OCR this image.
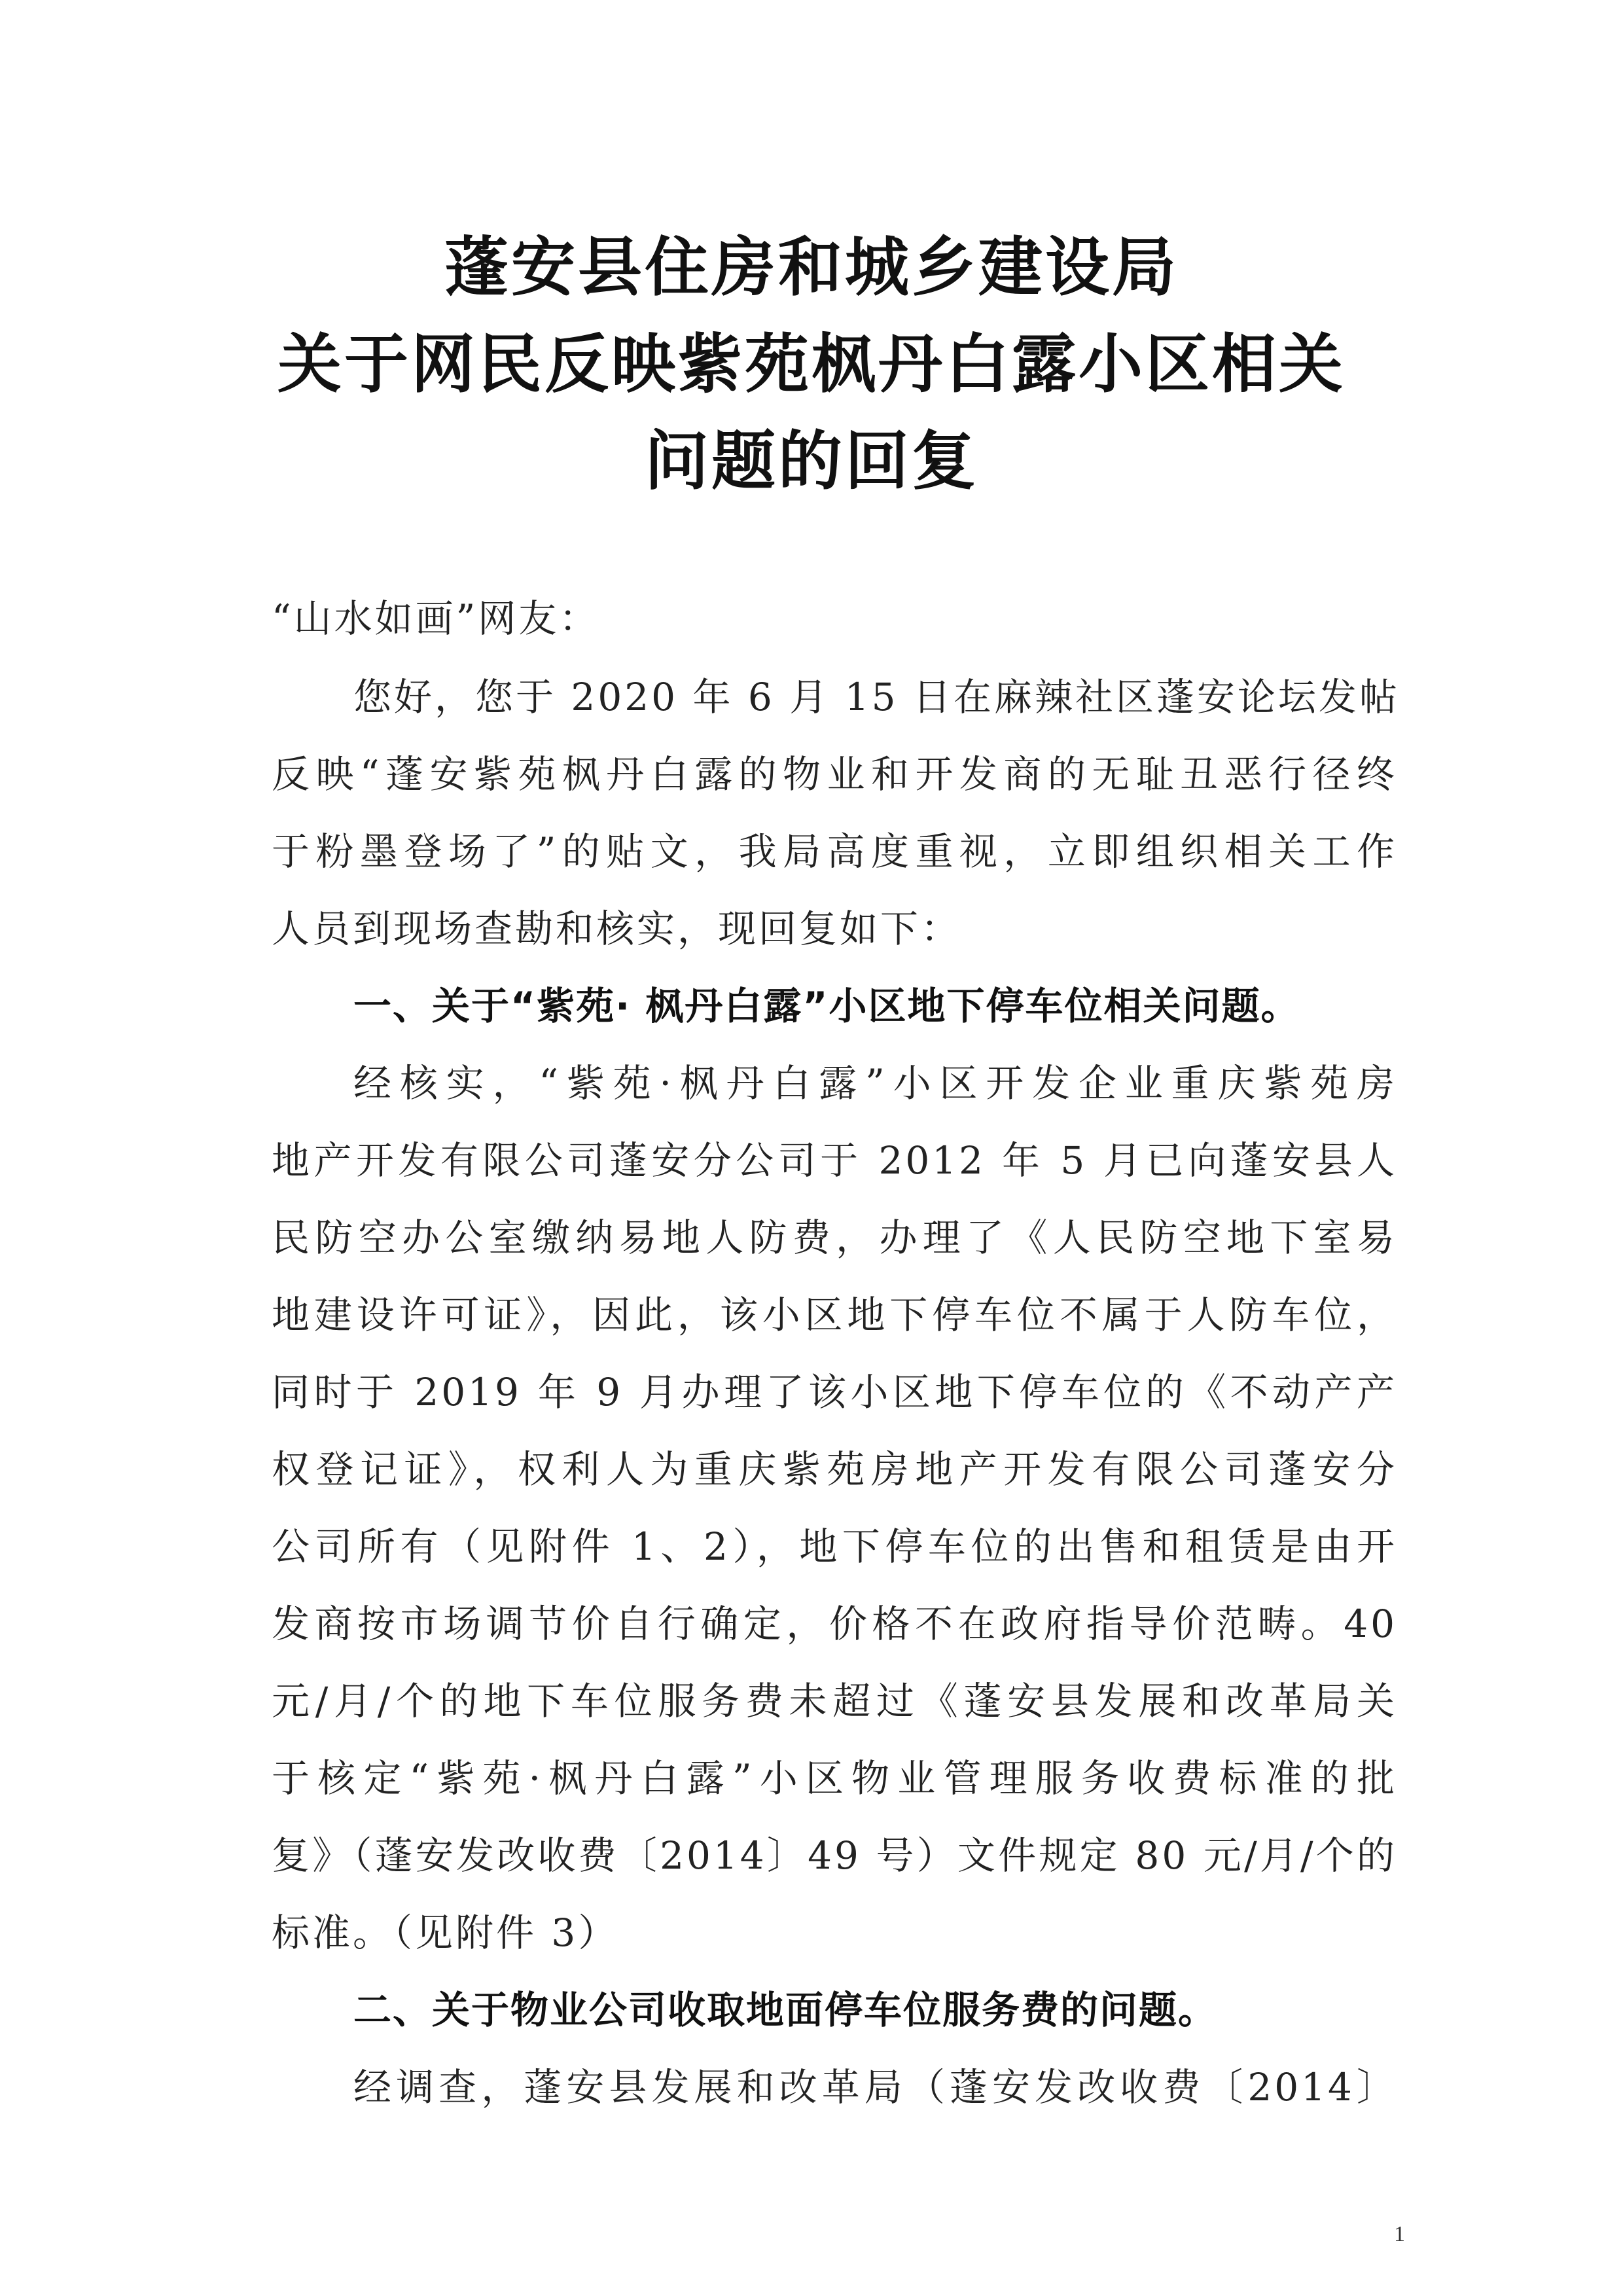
蓬安县住房和城乡建设局
关于网民反映紫苑枫丹白露小区相关
问题的回复
“山水如画”网友：
您好，您于 2020 年 6 月 15 日在麻辣社区蓬安论坛发帖
反映“蓬安紫苑枫丹白露的物业和开发商的无耻丑恶行径终
于粉墨登场了”的贴文，我局高度重视，立即组织相关工作
人员到现场查勘和核实，现回复如下：
一、关于“紫苑· 枫丹白露”小区地下停车位相关问题。
经核实，“紫苑·枫丹白露”小区开发企业重庆紫苑房
地产开发有限公司蓬安分公司于 2012 年 5 月已向蓬安县人
民防空办公室缴纳易地人防费，办理了《人民防空地下室易
地建设许可证》，因此，该小区地下停车位不属于人防车位，
同时于 2019 年 9 月办理了该小区地下停车位的《不动产产
权登记证》，权利人为重庆紫苑房地产开发有限公司蓬安分
公司所有（见附件 1、2），地下停车位的出售和租赁是由开
发商按市场调节价自行确定，价格不在政府指导价范畴。40
元/月/个的地下车位服务费未超过《蓬安县发展和改革局关
于核定“紫苑·枫丹白露”小区物业管理服务收费标准的批
复》（蓬安发改收费〔2014〕49 号）文件规定 80 元/月/个的
标准。（见附件 3）
二、关于物业公司收取地面停车位服务费的问题。
经调查，蓬安县发展和改革局（蓬安发改收费〔2014〕
1
